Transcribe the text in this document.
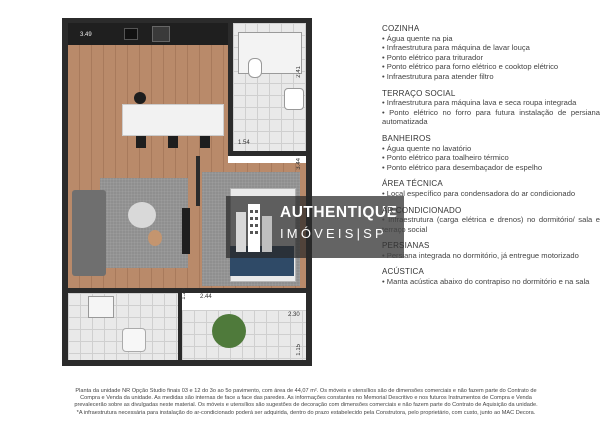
3.49
2.41
1.54
3.44
1.25 2.44
2.30
1.15
AUTHENTIQUE
IMÓVEIS|SP
COZINHA
• Água quente na pia
• Infraestrutura para máquina de lavar louça
• Ponto elétrico para triturador
• Ponto elétrico para forno elétrico e cooktop elétrico
• Infraestrutura para atender filtro
TERRAÇO SOCIAL
• Infraestrutura para máquina lava e seca roupa integrada
• Ponto elétrico no forro para futura instalação de persiana automatizada
BANHEIROS
• Água quente no lavatório
• Ponto elétrico para toalheiro térmico
• Ponto elétrico para desembaçador de espelho
ÁREA TÉCNICA
• Local específico para condensadora do ar condicionado
AR CONDICIONADO
• Infraestrutura (carga elétrica e drenos) no dormitório/ sala e terraço social
PERSIANAS
• Persiana integrada no dormitório, já entregue motorizado
ACÚSTICA
• Manta acústica abaixo do contrapiso no dormitório e na sala
Planta da unidade NR Opção Studio finais 03 e 12 do 3o ao 5o pavimento, com área de 44,07 m². Os móveis e utensílios são de dimensões comerciais e não fazem parte do Contrato de
Compra e Venda da unidade. As medidas são internas de face a face das paredes. As informações constantes no Memorial Descritivo e nos futuros Instrumentos de Compra e Venda
prevalecerão sobre as divulgadas neste material. Os móveis e utensílios são sugestões de decoração com dimensões comerciais e não fazem parte do Contrato de Aquisição da unidade.
*A infraestrutura necessária para instalação do ar-condicionado poderá ser adquirida, dentro do prazo estabelecido pela Construtora, pelo proprietário, com custo, junto ao MAC Decora.
